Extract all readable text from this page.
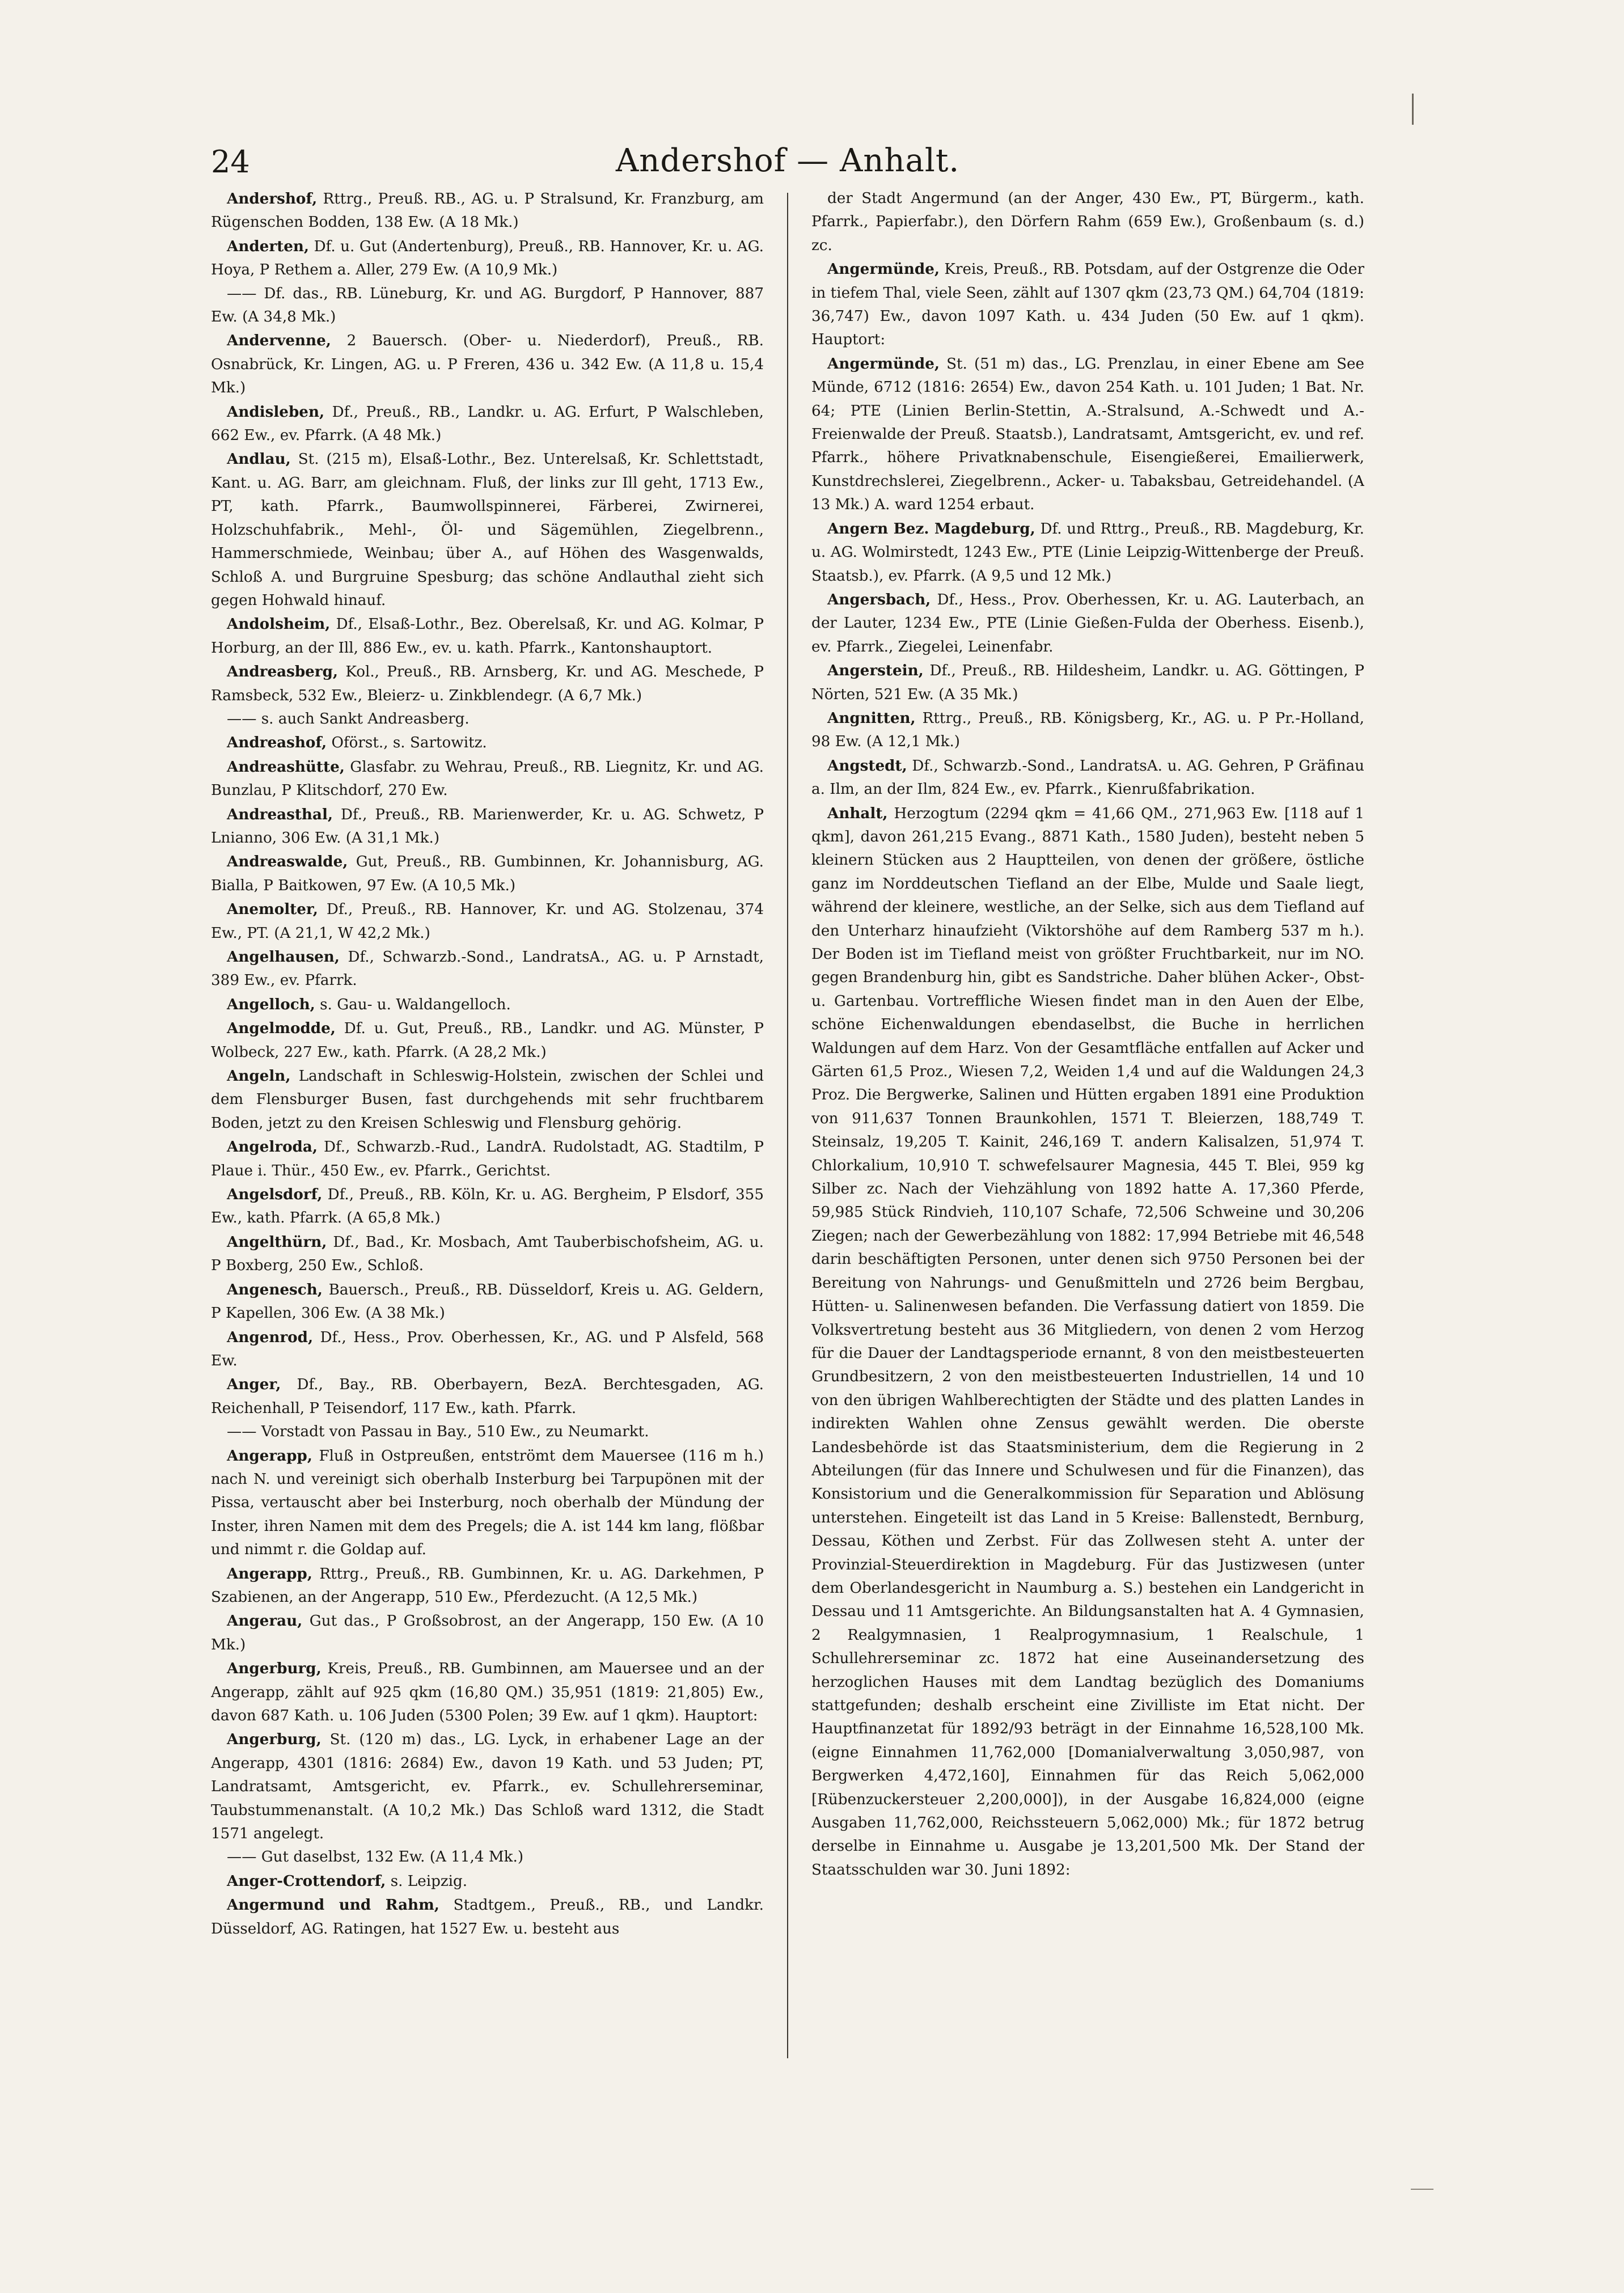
24	Andershof — Anhalt.

Andershof, Rttrg., Preuß. RB., AG. u. P Stralsund, Kr. Franzburg, am Rügenschen Bodden, 138 Ew. (A 18 Mk.)

Anderten, Df. u. Gut (Andertenburg), Preuß., RB. Hannover, Kr. u. AG. Hoya, P Rethem a. Aller, 279 Ew. (A 10,9 Mk.)

—— Df. das., RB. Lüneburg, Kr. und AG. Burgdorf, P Hannover, 887 Ew. (A 34,8 Mk.)

Andervenne, 2 Bauersch. (Ober- u. Niederdorf), Preuß., RB. Osnabrück, Kr. Lingen, AG. u. P Freren, 436 u. 342 Ew. (A 11,8 u. 15,4 Mk.)

Andisleben, Df., Preuß., RB., Landkr. u. AG. Erfurt, P Walschleben, 662 Ew., ev. Pfarrk. (A 48 Mk.)

Andlau, St. (215 m), Elsaß-Lothr., Bez. Unterelsaß, Kr. Schlettstadt, Kant. u. AG. Barr, am gleichnam. Fluß, der links zur Ill geht, 1713 Ew., PT, kath. Pfarrk., Baumwollspinnerei, Färberei, Zwirnerei, Holzschuhfabrik., Mehl-, Öl- und Sägemühlen, Ziegelbrenn., Hammerschmiede, Weinbau; über A., auf Höhen des Wasgenwalds, Schloß A. und Burgruine Spesburg; das schöne Andlauthal zieht sich gegen Hohwald hinauf.

Andolsheim, Df., Elsaß-Lothr., Bez. Oberelsaß, Kr. und AG. Kolmar, P Horburg, an der Ill, 886 Ew., ev. u. kath. Pfarrk., Kantonshauptort.

Andreasberg, Kol., Preuß., RB. Arnsberg, Kr. und AG. Meschede, P Ramsbeck, 532 Ew., Bleierz- u. Zinkblendegr. (A 6,7 Mk.)

—— s. auch Sankt Andreasberg.

Andreashof, Oförst., s. Sartowitz.

Andreashütte, Glasfabr. zu Wehrau, Preuß., RB. Liegnitz, Kr. und AG. Bunzlau, P Klitschdorf, 270 Ew.

Andreasthal, Df., Preuß., RB. Marienwerder, Kr. u. AG. Schwetz, P Lnianno, 306 Ew. (A 31,1 Mk.)

Andreaswalde, Gut, Preuß., RB. Gumbinnen, Kr. Johannisburg, AG. Bialla, P Baitkowen, 97 Ew. (A 10,5 Mk.)

Anemolter, Df., Preuß., RB. Hannover, Kr. und AG. Stolzenau, 374 Ew., PT. (A 21,1, W 42,2 Mk.)

Angelhausen, Df., Schwarzb.-Sond., LandratsA., AG. u. P Arnstadt, 389 Ew., ev. Pfarrk.

Angelloch, s. Gau- u. Waldangelloch.

Angelmodde, Df. u. Gut, Preuß., RB., Landkr. und AG. Münster, P Wolbeck, 227 Ew., kath. Pfarrk. (A 28,2 Mk.)

Angeln, Landschaft in Schleswig-Holstein, zwischen der Schlei und dem Flensburger Busen, fast durchgehends mit sehr fruchtbarem Boden, jetzt zu den Kreisen Schleswig und Flensburg gehörig.

Angelroda, Df., Schwarzb.-Rud., LandrA. Rudolstadt, AG. Stadtilm, P Plaue i. Thür., 450 Ew., ev. Pfarrk., Gerichtst.

Angelsdorf, Df., Preuß., RB. Köln, Kr. u. AG. Bergheim, P Elsdorf, 355 Ew., kath. Pfarrk. (A 65,8 Mk.)

Angelthürn, Df., Bad., Kr. Mosbach, Amt Tauberbischofsheim, AG. u. P Boxberg, 250 Ew., Schloß.

Angenesch, Bauersch., Preuß., RB. Düsseldorf, Kreis u. AG. Geldern, P Kapellen, 306 Ew. (A 38 Mk.)

Angenrod, Df., Hess., Prov. Oberhessen, Kr., AG. und P Alsfeld, 568 Ew.

Anger, Df., Bay., RB. Oberbayern, BezA. Berchtesgaden, AG. Reichenhall, P Teisendorf, 117 Ew., kath. Pfarrk.

—— Vorstadt von Passau in Bay., 510 Ew., zu Neumarkt.

Angerapp, Fluß in Ostpreußen, entströmt dem Mauersee (116 m h.) nach N. und vereinigt sich oberhalb Insterburg bei Tarpupönen mit der Pissa, vertauscht aber bei Insterburg, noch oberhalb der Mündung der Inster, ihren Namen mit dem des Pregels; die A. ist 144 km lang, flößbar und nimmt r. die Goldap auf.

Angerapp, Rttrg., Preuß., RB. Gumbinnen, Kr. u. AG. Darkehmen, P Szabienen, an der Angerapp, 510 Ew., Pferdezucht. (A 12,5 Mk.)

Angerau, Gut das., P Großsobrost, an der Angerapp, 150 Ew. (A 10 Mk.)

Angerburg, Kreis, Preuß., RB. Gumbinnen, am Mauersee und an der Angerapp, zählt auf 925 qkm (16,80 QM.) 35,951 (1819: 21,805) Ew., davon 687 Kath. u. 106 Juden (5300 Polen; 39 Ew. auf 1 qkm). Hauptort:

Angerburg, St. (120 m) das., LG. Lyck, in erhabener Lage an der Angerapp, 4301 (1816: 2684) Ew., davon 19 Kath. und 53 Juden; PT, Landratsamt, Amtsgericht, ev. Pfarrk., ev. Schullehrerseminar, Taubstummenanstalt. (A 10,2 Mk.) Das Schloß ward 1312, die Stadt 1571 angelegt.

—— Gut daselbst, 132 Ew. (A 11,4 Mk.)

Anger-Crottendorf, s. Leipzig.

Angermund und Rahm, Stadtgem., Preuß., RB., und Landkr. Düsseldorf, AG. Ratingen, hat 1527 Ew. u. besteht aus

der Stadt Angermund (an der Anger, 430 Ew., PT, Bürgerm., kath. Pfarrk., Papierfabr.), den Dörfern Rahm (659 Ew.), Großenbaum (s. d.) zc.

Angermünde, Kreis, Preuß., RB. Potsdam, auf der Ostgrenze die Oder in tiefem Thal, viele Seen, zählt auf 1307 qkm (23,73 QM.) 64,704 (1819: 36,747) Ew., davon 1097 Kath. u. 434 Juden (50 Ew. auf 1 qkm). Hauptort:

Angermünde, St. (51 m) das., LG. Prenzlau, in einer Ebene am See Münde, 6712 (1816: 2654) Ew., davon 254 Kath. u. 101 Juden; 1 Bat. Nr. 64; PTE (Linien Berlin-Stettin, A.-Stralsund, A.-Schwedt und A.-Freienwalde der Preuß. Staatsb.), Landratsamt, Amtsgericht, ev. und ref. Pfarrk., höhere Privatknabenschule, Eisengießerei, Emailierwerk, Kunstdrechslerei, Ziegelbrenn., Acker- u. Tabaksbau, Getreidehandel. (A 13 Mk.) A. ward 1254 erbaut.

Angern Bez. Magdeburg, Df. und Rttrg., Preuß., RB. Magdeburg, Kr. u. AG. Wolmirstedt, 1243 Ew., PTE (Linie Leipzig-Wittenberge der Preuß. Staatsb.), ev. Pfarrk. (A 9,5 und 12 Mk.)

Angersbach, Df., Hess., Prov. Oberhessen, Kr. u. AG. Lauterbach, an der Lauter, 1234 Ew., PTE (Linie Gießen-Fulda der Oberhess. Eisenb.), ev. Pfarrk., Ziegelei, Leinenfabr.

Angerstein, Df., Preuß., RB. Hildesheim, Landkr. u. AG. Göttingen, P Nörten, 521 Ew. (A 35 Mk.)

Angnitten, Rttrg., Preuß., RB. Königsberg, Kr., AG. u. P Pr.-Holland, 98 Ew. (A 12,1 Mk.)

Angstedt, Df., Schwarzb.-Sond., LandratsA. u. AG. Gehren, P Gräfinau a. Ilm, an der Ilm, 824 Ew., ev. Pfarrk., Kienrußfabrikation.

Anhalt, Herzogtum (2294 qkm = 41,66 QM., 271,963 Ew. [118 auf 1 qkm], davon 261,215 Evang., 8871 Kath., 1580 Juden), besteht neben 5 kleinern Stücken aus 2 Hauptteilen, von denen der größere, östliche ganz im Norddeutschen Tiefland an der Elbe, Mulde und Saale liegt, während der kleinere, westliche, an der Selke, sich aus dem Tiefland auf den Unterharz hinaufzieht (Viktorshöhe auf dem Ramberg 537 m h.). Der Boden ist im Tiefland meist von größter Fruchtbarkeit, nur im NO. gegen Brandenburg hin, gibt es Sandstriche. Daher blühen Acker-, Obst- u. Gartenbau. Vortreffliche Wiesen findet man in den Auen der Elbe, schöne Eichenwaldungen ebendaselbst, die Buche in herrlichen Waldungen auf dem Harz. Von der Gesamtfläche entfallen auf Acker und Gärten 61,5 Proz., Wiesen 7,2, Weiden 1,4 und auf die Waldungen 24,3 Proz. Die Bergwerke, Salinen und Hütten ergaben 1891 eine Produktion von 911,637 Tonnen Braunkohlen, 1571 T. Bleierzen, 188,749 T. Steinsalz, 19,205 T. Kainit, 246,169 T. andern Kalisalzen, 51,974 T. Chlorkalium, 10,910 T. schwefelsaurer Magnesia, 445 T. Blei, 959 kg Silber zc. Nach der Viehzählung von 1892 hatte A. 17,360 Pferde, 59,985 Stück Rindvieh, 110,107 Schafe, 72,506 Schweine und 30,206 Ziegen; nach der Gewerbezählung von 1882: 17,994 Betriebe mit 46,548 darin beschäftigten Personen, unter denen sich 9750 Personen bei der Bereitung von Nahrungs- und Genußmitteln und 2726 beim Bergbau, Hütten- u. Salinenwesen befanden. Die Verfassung datiert von 1859. Die Volksvertretung besteht aus 36 Mitgliedern, von denen 2 vom Herzog für die Dauer der Landtagsperiode ernannt, 8 von den meistbesteuerten Grundbesitzern, 2 von den meistbesteuerten Industriellen, 14 und 10 von den übrigen Wahlberechtigten der Städte und des platten Landes in indirekten Wahlen ohne Zensus gewählt werden. Die oberste Landesbehörde ist das Staatsministerium, dem die Regierung in 2 Abteilungen (für das Innere und Schulwesen und für die Finanzen), das Konsistorium und die Generalkommission für Separation und Ablösung unterstehen. Eingeteilt ist das Land in 5 Kreise: Ballenstedt, Bernburg, Dessau, Köthen und Zerbst. Für das Zollwesen steht A. unter der Provinzial-Steuerdirektion in Magdeburg. Für das Justizwesen (unter dem Oberlandesgericht in Naumburg a. S.) bestehen ein Landgericht in Dessau und 11 Amtsgerichte. An Bildungsanstalten hat A. 4 Gymnasien, 2 Realgymnasien, 1 Realprogymnasium, 1 Realschule, 1 Schullehrerseminar zc. 1872 hat eine Auseinandersetzung des herzoglichen Hauses mit dem Landtag bezüglich des Domaniums stattgefunden; deshalb erscheint eine Zivilliste im Etat nicht. Der Hauptfinanzetat für 1892/93 beträgt in der Einnahme 16,528,100 Mk. (eigne Einnahmen 11,762,000 [Domanialverwaltung 3,050,987, von Bergwerken 4,472,160], Einnahmen für das Reich 5,062,000 [Rübenzuckersteuer 2,200,000]), in der Ausgabe 16,824,000 (eigne Ausgaben 11,762,000, Reichssteuern 5,062,000) Mk.; für 1872 betrug derselbe in Einnahme u. Ausgabe je 13,201,500 Mk. Der Stand der Staatsschulden war 30. Juni 1892:
